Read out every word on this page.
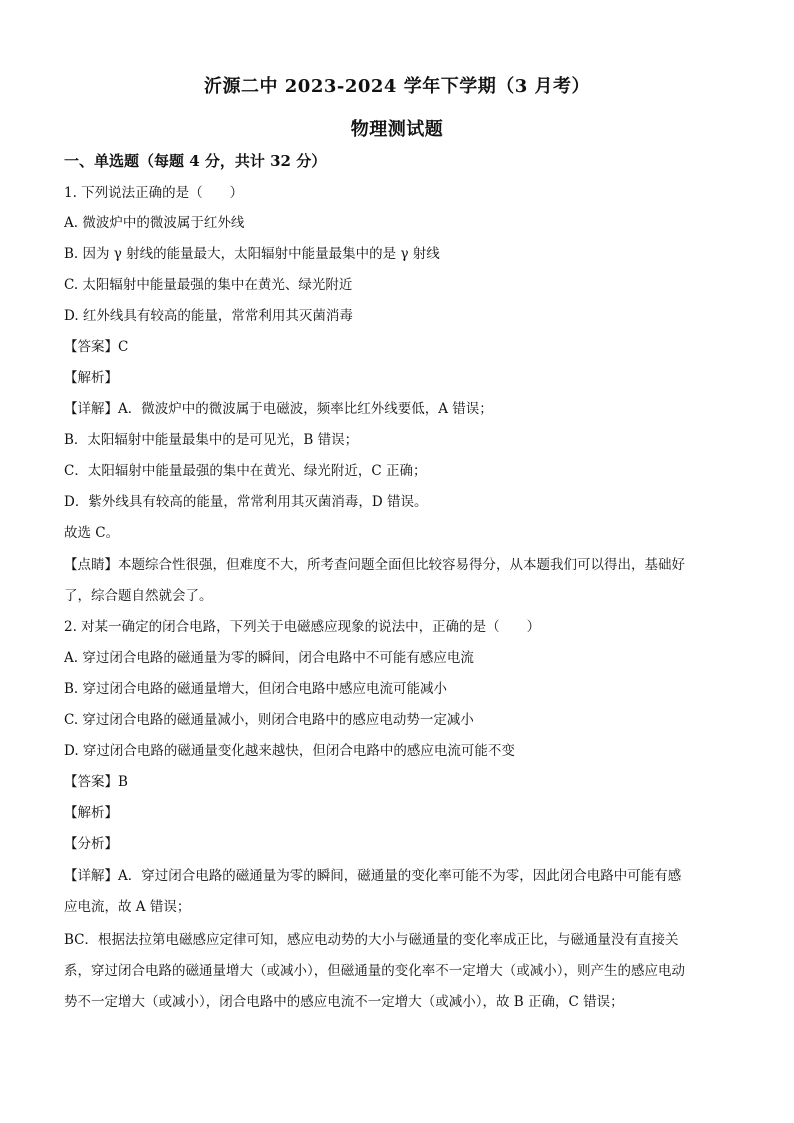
沂源二中 2023-2024 学年下学期（3 月考）
物理测试题
一、单选题（每题 4 分，共计 32 分）
1. 下列说法正确的是（　　）
A. 微波炉中的微波属于红外线
B. 因为 γ 射线的能量最大，太阳辐射中能量最集中的是 γ 射线
C. 太阳辐射中能量最强的集中在黄光、绿光附近
D. 红外线具有较高的能量，常常利用其灭菌消毒
【答案】C
【解析】
【详解】A．微波炉中的微波属于电磁波，频率比红外线要低，A 错误；
B．太阳辐射中能量最集中的是可见光，B 错误；
C．太阳辐射中能量最强的集中在黄光、绿光附近，C 正确；
D．紫外线具有较高的能量，常常利用其灭菌消毒，D 错误。
故选 C。
【点睛】本题综合性很强，但难度不大，所考查问题全面但比较容易得分，从本题我们可以得出，基础好
了，综合题自然就会了。
2. 对某一确定的闭合电路，下列关于电磁感应现象的说法中，正确的是（　　）
A. 穿过闭合电路的磁通量为零的瞬间，闭合电路中不可能有感应电流
B. 穿过闭合电路的磁通量增大，但闭合电路中感应电流可能减小
C. 穿过闭合电路的磁通量减小，则闭合电路中的感应电动势一定减小
D. 穿过闭合电路的磁通量变化越来越快，但闭合电路中的感应电流可能不变
【答案】B
【解析】
【分析】
【详解】A．穿过闭合电路的磁通量为零的瞬间，磁通量的变化率可能不为零，因此闭合电路中可能有感
应电流，故 A 错误；
BC．根据法拉第电磁感应定律可知，感应电动势的大小与磁通量的变化率成正比，与磁通量没有直接关
系，穿过闭合电路的磁通量增大（或减小），但磁通量的变化率不一定增大（或减小），则产生的感应电动
势不一定增大（或减小），闭合电路中的感应电流不一定增大（或减小），故 B 正确，C 错误；
